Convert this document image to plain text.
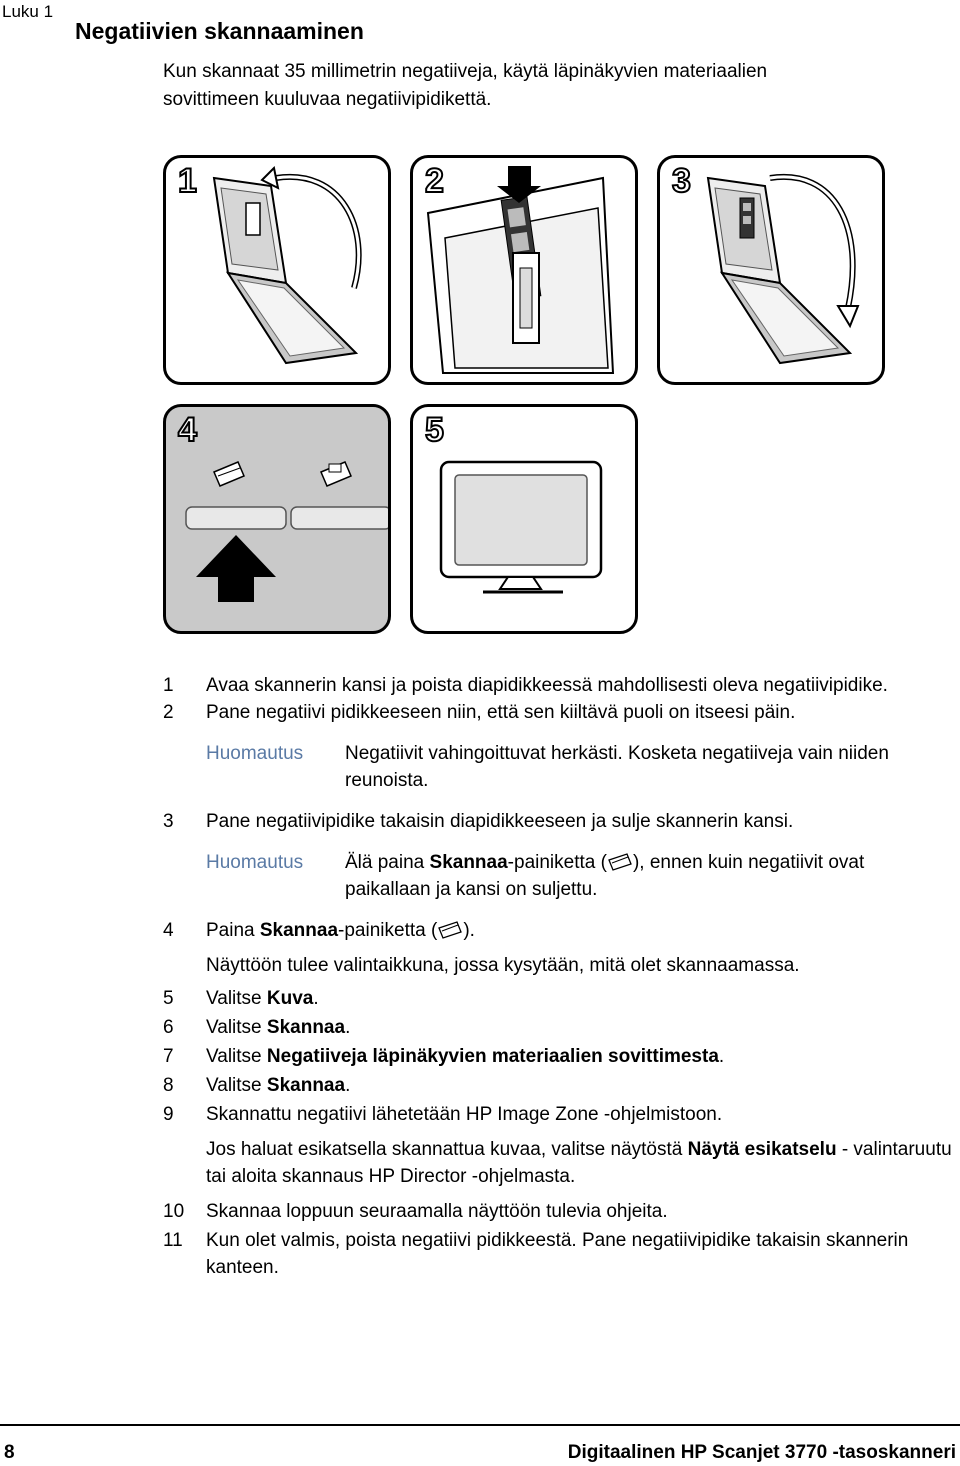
Luku 1
Negatiivien skannaaminen
Kun skannaat 35 millimetrin negatiiveja, käytä läpinäkyvien materiaalien
sovittimeen kuuluvaa negatiivipidikettä.
1	2	3
4	5
1	Avaa skannerin kansi ja poista diapidikkeessä mahdollisesti oleva negatiivipidike.
2	Pane negatiivi pidikkeeseen niin, että sen kiiltävä puoli on itseesi päin.
Huomautus	Negatiivit vahingoittuvat herkästi. Kosketa negatiiveja vain niiden reunoista.
3	Pane negatiivipidike takaisin diapidikkeeseen ja sulje skannerin kansi.
Huomautus	Älä paina Skannaa-painiketta ( ), ennen kuin negatiivit ovat paikallaan ja kansi on suljettu.
4	Paina Skannaa-painiketta ( ).
Näyttöön tulee valintaikkuna, jossa kysytään, mitä olet skannaamassa.
5	Valitse Kuva.
6	Valitse Skannaa.
7	Valitse Negatiiveja läpinäkyvien materiaalien sovittimesta.
8	Valitse Skannaa.
9	Skannattu negatiivi lähetetään HP Image Zone -ohjelmistoon.
Jos haluat esikatsella skannattua kuvaa, valitse näytöstä Näytä esikatselu - valintaruutu tai aloita skannaus HP Director -ohjelmasta.
10	Skannaa loppuun seuraamalla näyttöön tulevia ohjeita.
11	Kun olet valmis, poista negatiivi pidikkeestä. Pane negatiivipidike takaisin skannerin kanteen.
8	Digitaalinen HP Scanjet 3770 -tasoskanneri
